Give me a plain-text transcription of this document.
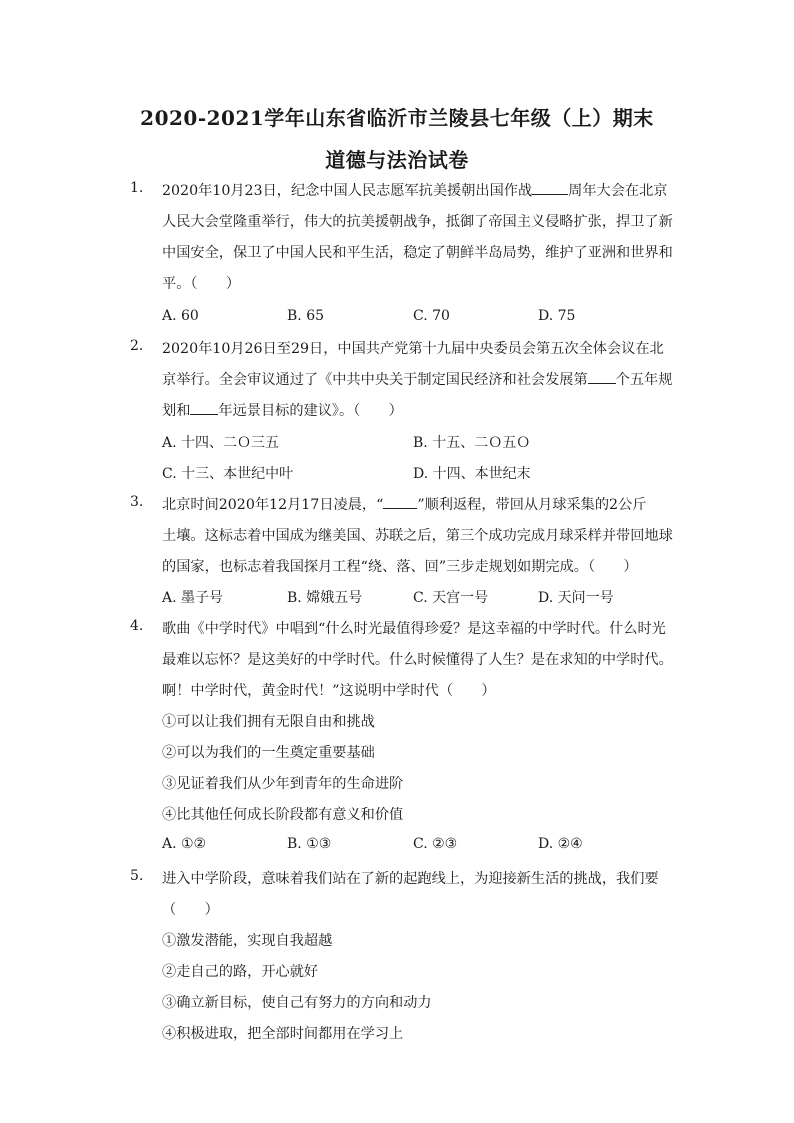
2020-2021学年山东省临沂市兰陵县七年级（上）期末
道德与法治试卷
1.	2020年10月23日，纪念中国人民志愿军抗美援朝出国作战	周年大会在北京
人民大会堂隆重举行，伟大的抗美援朝战争，抵御了帝国主义侵略扩张，捍卫了新
中国安全，保卫了中国人民和平生活，稳定了朝鲜半岛局势，维护了亚洲和世界和
平。（　　）
A. 60	B. 65	C. 70	D. 75
2.	2020年10月26日至29日，中国共产党第十九届中央委员会第五次全体会议在北
京举行。全会审议通过了《中共中央关于制定国民经济和社会发展第 个五年规
划和 年远景目标的建议》。（　　）
A. 十四、二Ｏ三五	B. 十五、二Ｏ五Ｏ
C. 十三、本世纪中叶	D. 十四、本世纪末
3.	北京时间2020年12月17日凌晨，“ ”顺利返程，带回从月球采集的2公斤
土壤。这标志着中国成为继美国、苏联之后，第三个成功完成月球采样并带回地球
的国家，也标志着我国探月工程“绕、落、回”三步走规划如期完成。（　　）
A. 墨子号	B. 嫦娥五号	C. 天宫一号	D. 天问一号
4.	歌曲《中学时代》中唱到“什么时光最值得珍爱？是这幸福的中学时代。什么时光
最难以忘怀？是这美好的中学时代。什么时候懂得了人生？是在求知的中学时代。
啊！中学时代，黄金时代！”这说明中学时代（　　）
①可以让我们拥有无限自由和挑战
②可以为我们的一生奠定重要基础
③见证着我们从少年到青年的生命进阶
④比其他任何成长阶段都有意义和价值
A. ①②	B. ①③	C. ②③	D. ②④
5.	进入中学阶段，意味着我们站在了新的起跑线上，为迎接新生活的挑战，我们要
（　　）
①激发潜能，实现自我超越
②走自己的路，开心就好
③确立新目标，使自己有努力的方向和动力
④积极进取，把全部时间都用在学习上
